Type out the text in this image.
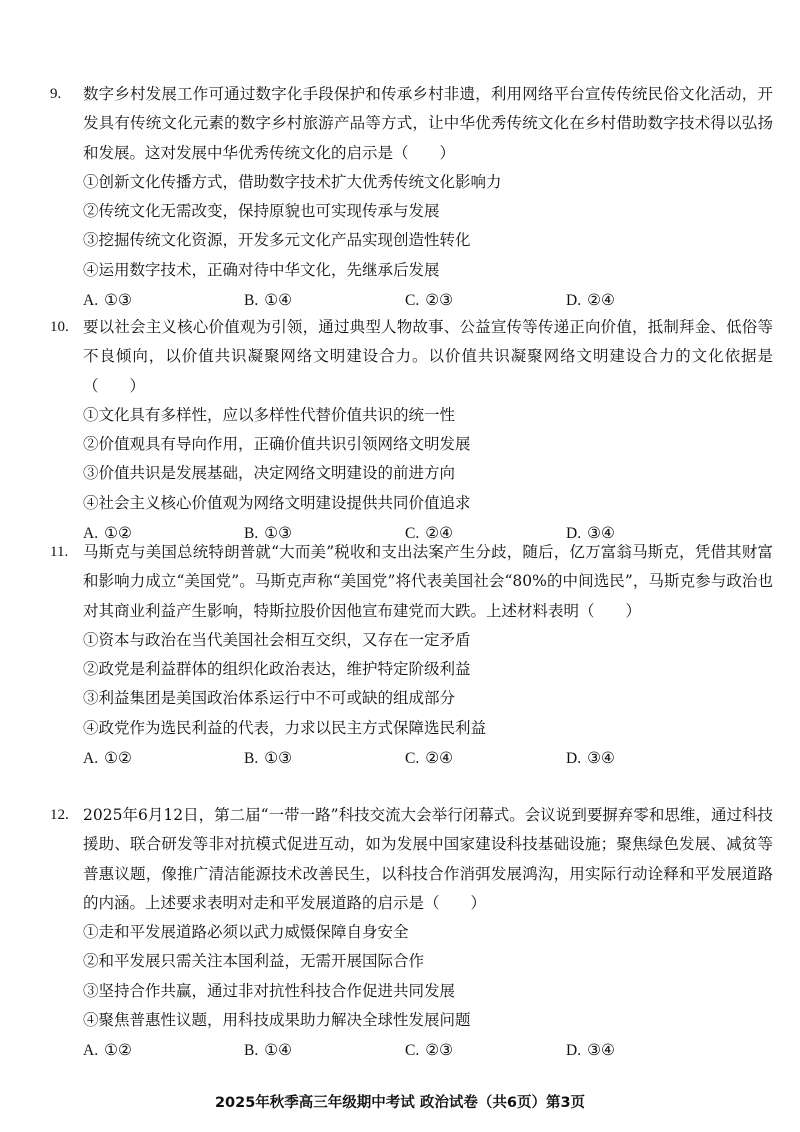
9. 数字乡村发展工作可通过数字化手段保护和传承乡村非遗，利用网络平台宣传传统民俗文化活动，开发具有传统文化元素的数字乡村旅游产品等方式，让中华优秀传统文化在乡村借助数字技术得以弘扬和发展。这对发展中华优秀传统文化的启示是（　　）

①创新文化传播方式，借助数字技术扩大优秀传统文化影响力

②传统文化无需改变，保持原貌也可实现传承与发展

③挖掘传统文化资源，开发多元文化产品实现创造性转化

④运用数字技术，正确对待中华文化，先继承后发展

A. ①③	B. ①④	C. ②③	D. ②④
10. 要以社会主义核心价值观为引领，通过典型人物故事、公益宣传等传递正向价值，抵制拜金、低俗等不良倾向，以价值共识凝聚网络文明建设合力。以价值共识凝聚网络文明建设合力的文化依据是（　　）

①文化具有多样性，应以多样性代替价值共识的统一性

②价值观具有导向作用，正确价值共识引领网络文明发展

③价值共识是发展基础，决定网络文明建设的前进方向

④社会主义核心价值观为网络文明建设提供共同价值追求

A. ①②	B. ①③	C. ②④	D. ③④
11. 马斯克与美国总统特朗普就“大而美”税收和支出法案产生分歧，随后，亿万富翁马斯克，凭借其财富和影响力成立“美国党”。马斯克声称“美国党”将代表美国社会“80%的中间选民”，马斯克参与政治也对其商业利益产生影响，特斯拉股价因他宣布建党而大跌。上述材料表明（　　）

①资本与政治在当代美国社会相互交织，又存在一定矛盾

②政党是利益群体的组织化政治表达，维护特定阶级利益

③利益集团是美国政治体系运行中不可或缺的组成部分

④政党作为选民利益的代表，力求以民主方式保障选民利益

A. ①②	B. ①③	C. ②④	D. ③④
12. 2025年6月12日，第二届“一带一路”科技交流大会举行闭幕式。会议说到要摒弃零和思维，通过科技援助、联合研发等非对抗模式促进互动，如为发展中国家建设科技基础设施；聚焦绿色发展、减贫等普惠议题，像推广清洁能源技术改善民生，以科技合作消弭发展鸿沟，用实际行动诠释和平发展道路的内涵。上述要求表明对走和平发展道路的启示是（　　）

①走和平发展道路必须以武力威慑保障自身安全

②和平发展只需关注本国利益，无需开展国际合作

③坚持合作共赢，通过非对抗性科技合作促进共同发展

④聚焦普惠性议题，用科技成果助力解决全球性发展问题

A. ①②	B. ①④	C. ②③	D. ③④
2025年秋季高三年级期中考试 政治试卷（共6页）第3页
